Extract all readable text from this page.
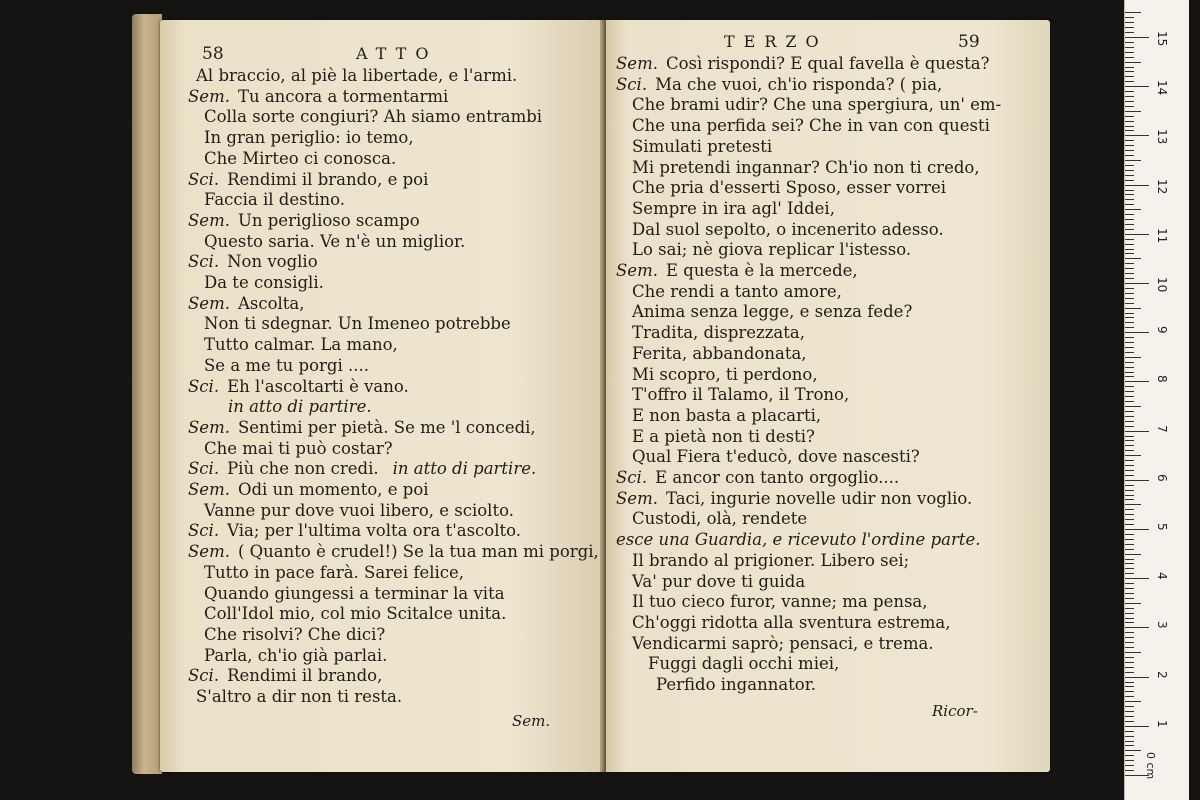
58	ATTO
Al braccio, al piè la libertade, e l'armi.
Sem. Tu ancora a tormentarmi
Colla sorte congiuri? Ah siamo entrambi
In gran periglio: io temo,
Che Mirteo ci conosca.
Sci. Rendimi il brando, e poi
Faccia il destino.
Sem. Un periglioso scampo
Questo saria. Ve n'è un miglior.
Sci. Non voglio
Da te consigli.
Sem. Ascolta,
Non ti sdegnar. Un Imeneo potrebbe
Tutto calmar. La mano,
Se a me tu porgi ....
Sci. Eh l'ascoltarti è vano.
in atto di partire.
Sem. Sentimi per pietà. Se me 'l concedi,
Che mai ti può costar?
Sci. Più che non credi. in atto di partire.
Sem. Odi un momento, e poi
Vanne pur dove vuoi libero, e sciolto.
Sci. Via; per l'ultima volta ora t'ascolto.
Sem. ( Quanto è crudel!) Se la tua man mi porgi,
Tutto in pace farà. Sarei felice,
Quando giungessi a terminar la vita
Coll'Idol mio, col mio Scitalce unita.
Che risolvi? Che dici?
Parla, ch'io già parlai.
Sci. Rendimi il brando,
S'altro a dir non ti resta.
Sem.
TERZO	59
Sem. Così rispondi? E qual favella è questa?
Sci. Ma che vuoi, ch'io risponda? ( pia,
Che brami udir? Che una spergiura, un' em-
Che una perfida sei? Che in van con questi
Simulati pretesti
Mi pretendi ingannar? Ch'io non ti credo,
Che pria d'esserti Sposo, esser vorrei
Sempre in ira agl' Iddei,
Dal suol sepolto, o incenerito adesso.
Lo sai; nè giova replicar l'istesso.
Sem. E questa è la mercede,
Che rendi a tanto amore,
Anima senza legge, e senza fede?
Tradita, disprezzata,
Ferita, abbandonata,
Mi scopro, ti perdono,
T'offro il Talamo, il Trono,
E non basta a placarti,
E a pietà non ti desti?
Qual Fiera t'educò, dove nascesti?
Sci. E ancor con tanto orgoglio....
Sem. Taci, ingurie novelle udir non voglio.
Custodi, olà, rendete
esce una Guardia, e ricevuto l'ordine parte.
Il brando al prigioner. Libero sei;
Va' pur dove ti guida
Il tuo cieco furor, vanne; ma pensa,
Ch'oggi ridotta alla sventura estrema,
Vendicarmi saprò; pensaci, e trema.
Fuggi dagli occhi miei,
Perfido ingannator.
Ricor-
0 cm
1
2
3
4
5
6
7
8
9
10
11
12
13
14
15
